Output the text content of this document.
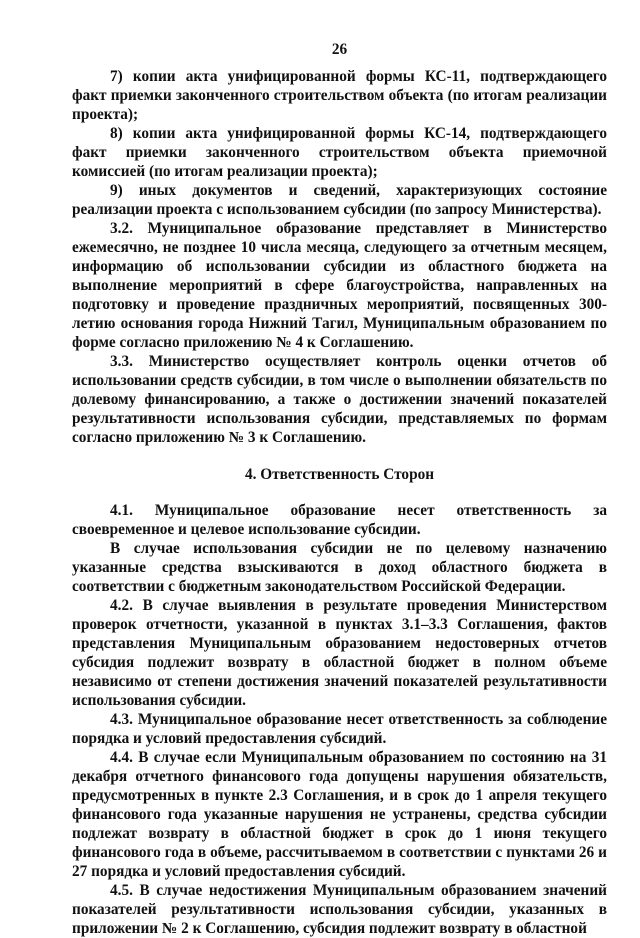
26

7) копии акта унифицированной формы КС-11, подтверждающего факт приемки законченного строительством объекта (по итогам реализации проекта);

8) копии акта унифицированной формы КС-14, подтверждающего факт приемки законченного строительством объекта приемочной комиссией (по итогам реализации проекта);

9) иных документов и сведений, характеризующих состояние реализации проекта с использованием субсидии (по запросу Министерства).

3.2. Муниципальное образование представляет в Министерство ежемесячно, не позднее 10 числа месяца, следующего за отчетным месяцем, информацию об использовании субсидии из областного бюджета на выполнение мероприятий в сфере благоустройства, направленных на подготовку и проведение праздничных мероприятий, посвященных 300-летию основания города Нижний Тагил, Муниципальным образованием по форме согласно приложению № 4 к Соглашению.

3.3. Министерство осуществляет контроль оценки отчетов об использовании средств субсидии, в том числе о выполнении обязательств по долевому финансированию, а также о достижении значений показателей результативности использования субсидии, представляемых по формам согласно приложению № 3 к Соглашению.

4. Ответственность Сторон

4.1. Муниципальное образование несет ответственность за своевременное и целевое использование субсидии.

В случае использования субсидии не по целевому назначению указанные средства взыскиваются в доход областного бюджета в соответствии с бюджетным законодательством Российской Федерации.

4.2. В случае выявления в результате проведения Министерством проверок отчетности, указанной в пунктах 3.1–3.3 Соглашения, фактов представления Муниципальным образованием недостоверных отчетов субсидия подлежит возврату в областной бюджет в полном объеме независимо от степени достижения значений показателей результативности использования субсидии.

4.3. Муниципальное образование несет ответственность за соблюдение порядка и условий предоставления субсидий.

4.4. В случае если Муниципальным образованием по состоянию на 31 декабря отчетного финансового года допущены нарушения обязательств, предусмотренных в пункте 2.3 Соглашения, и в срок до 1 апреля текущего финансового года указанные нарушения не устранены, средства субсидии подлежат возврату в областной бюджет в срок до 1 июня текущего финансового года в объеме, рассчитываемом в соответствии с пунктами 26 и 27 порядка и условий предоставления субсидий.

4.5. В случае недостижения Муниципальным образованием значений показателей результативности использования субсидии, указанных в приложении № 2 к Соглашению, субсидия подлежит возврату в областной
